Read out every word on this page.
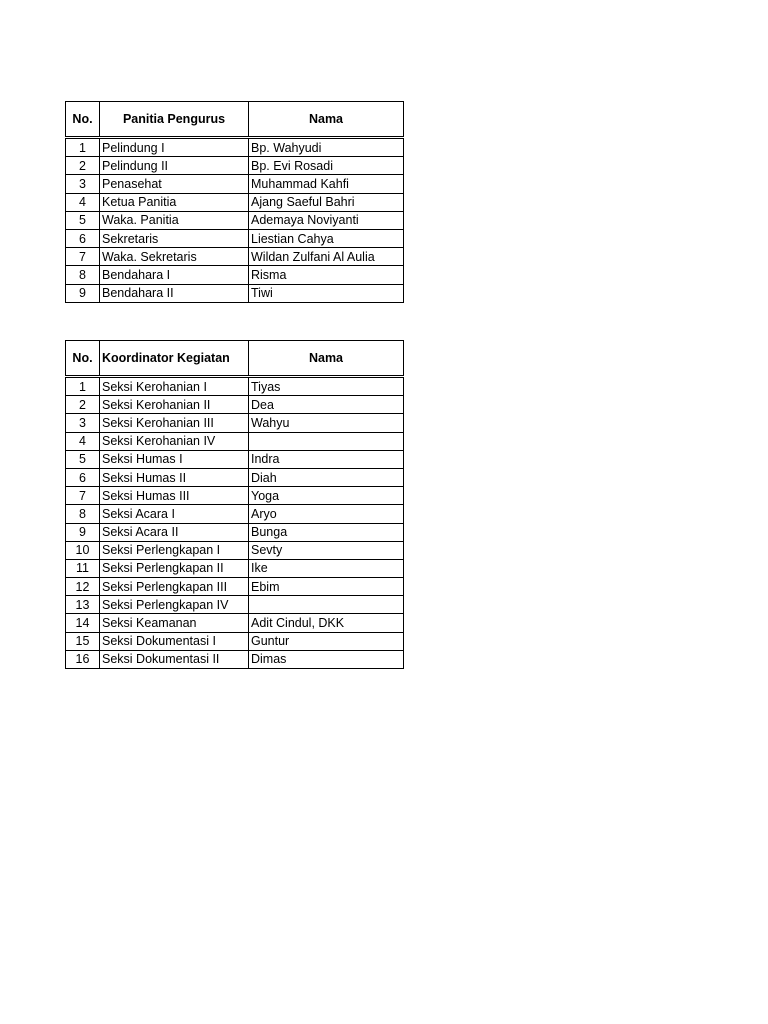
No.	Panitia Pengurus	Nama
1	Pelindung I	Bp. Wahyudi
2	Pelindung II	Bp. Evi Rosadi
3	Penasehat	Muhammad Kahfi
4	Ketua Panitia	Ajang Saeful Bahri
5	Waka. Panitia	Ademaya Noviyanti
6	Sekretaris	Liestian Cahya
7	Waka. Sekretaris	Wildan Zulfani Al Aulia
8	Bendahara I	Risma
9	Bendahara II	Tiwi
No.	Koordinator Kegiatan	Nama
1	Seksi Kerohanian I	Tiyas
2	Seksi Kerohanian II	Dea
3	Seksi Kerohanian III	Wahyu
4	Seksi Kerohanian IV	
5	Seksi Humas I	Indra
6	Seksi Humas II	Diah
7	Seksi Humas III	Yoga
8	Seksi Acara I	Aryo
9	Seksi Acara II	Bunga
10	Seksi Perlengkapan I	Sevty
11	Seksi Perlengkapan II	Ike
12	Seksi Perlengkapan III	Ebim
13	Seksi Perlengkapan IV	
14	Seksi Keamanan	Adit Cindul, DKK
15	Seksi Dokumentasi I	Guntur
16	Seksi Dokumentasi II	Dimas
